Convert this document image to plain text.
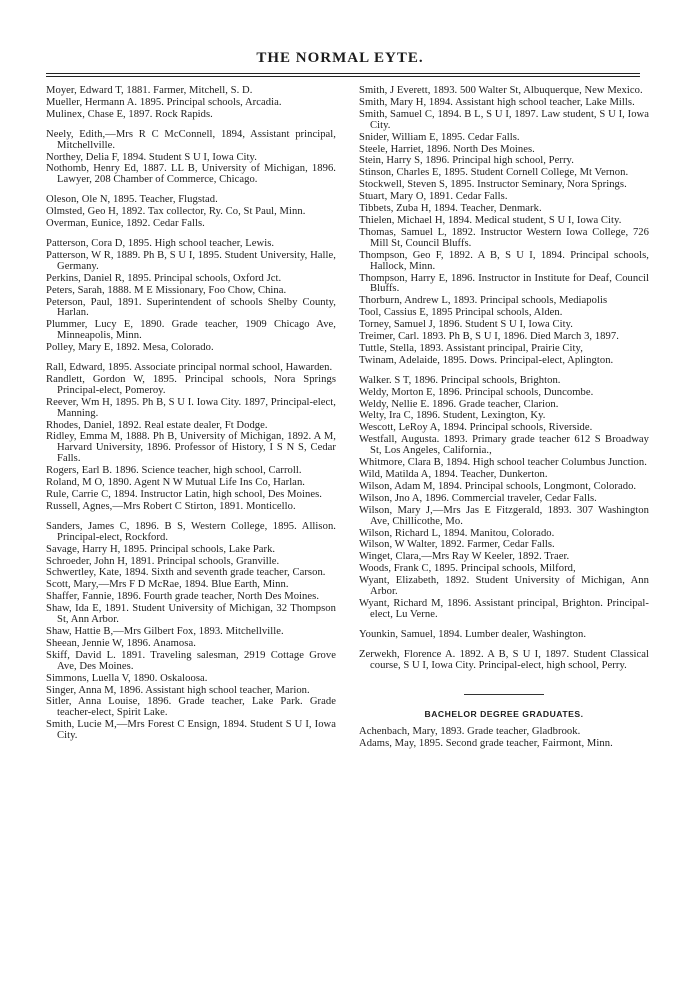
THE NORMAL EYTE.
Moyer, Edward T, 1881. Farmer, Mitchell, S. D.
Mueller, Hermann A. 1895. Principal schools, Arcadia.
Mulinex, Chase E, 1897. Rock Rapids.
Neely, Edith,—Mrs R C McConnell, 1894, Assistant principal, Mitchellville.
Northey, Delia F, 1894. Student S U I, Iowa City.
Nothomb, Henry Ed, 1887. LL B, University of Michigan, 1896. Lawyer, 208 Chamber of Commerce, Chicago.
Oleson, Ole N, 1895. Teacher, Flugstad.
Olmsted, Geo H, 1892. Tax collector, Ry. Co, St Paul, Minn.
Overman, Eunice, 1892. Cedar Falls.
Patterson, Cora D, 1895. High school teacher, Lewis.
Patterson, W R, 1889. Ph B, S U I, 1895. Student University, Halle, Germany.
Perkins, Daniel R, 1895. Principal schools, Oxford Jct.
Peters, Sarah, 1888. M E Missionary, Foo Chow, China.
Peterson, Paul, 1891. Superintendent of schools Shelby County, Harlan.
Plummer, Lucy E, 1890. Grade teacher, 1909 Chicago Ave, Minneapolis, Minn.
Polley, Mary E, 1892. Mesa, Colorado.
Rall, Edward, 1895. Associate principal normal school, Hawarden.
Randlett, Gordon W, 1895. Principal schools, Nora Springs Principal-elect, Pomeroy.
Reever, Wm H, 1895. Ph B, S U I. Iowa City. 1897, Principal-elect, Manning.
Rhodes, Daniel, 1892. Real estate dealer, Ft Dodge.
Ridley, Emma M, 1888. Ph B, University of Michigan, 1892. A M, Harvard University, 1896. Professor of History, I S N S, Cedar Falls.
Rogers, Earl B. 1896. Science teacher, high school, Carroll.
Roland, M O, 1890. Agent N W Mutual Life Ins Co, Harlan.
Rule, Carrie C, 1894. Instructor Latin, high school, Des Moines.
Russell, Agnes,—Mrs Robert C Stirton, 1891. Monticello.
Sanders, James C, 1896. B S, Western College, 1895. Allison. Principal-elect, Rockford.
Savage, Harry H, 1895. Principal schools, Lake Park.
Schroeder, John H, 1891. Principal schools, Granville.
Schwertley, Kate, 1894. Sixth and seventh grade teacher, Carson.
Scott, Mary,—Mrs F D McRae, 1894. Blue Earth, Minn.
Shaffer, Fannie, 1896. Fourth grade teacher, North Des Moines.
Shaw, Ida E, 1891. Student University of Michigan, 32 Thompson St, Ann Arbor.
Shaw, Hattie B,—Mrs Gilbert Fox, 1893. Mitchellville.
Sheean, Jennie W, 1896. Anamosa.
Skiff, David L. 1891. Traveling salesman, 2919 Cottage Grove Ave, Des Moines.
Simmons, Luella V, 1890. Oskaloosa.
Singer, Anna M, 1896. Assistant high school teacher, Marion.
Sitler, Anna Louise, 1896. Grade teacher, Lake Park. Grade teacher-elect, Spirit Lake.
Smith, Lucie M,—Mrs Forest C Ensign, 1894. Student S U I, Iowa City.
Smith, J Everett, 1893. 500 Walter St, Albuquerque, New Mexico.
Smith, Mary H, 1894. Assistant high school teacher, Lake Mills.
Smith, Samuel C, 1894. B L, S U I, 1897. Law student, S U I, Iowa City.
Snider, William E, 1895. Cedar Falls.
Steele, Harriet, 1896. North Des Moines.
Stein, Harry S, 1896. Principal high school, Perry.
Stinson, Charles E, 1895. Student Cornell College, Mt Vernon.
Stockwell, Steven S, 1895. Instructor Seminary, Nora Springs.
Stuart, Mary O, 1891. Cedar Falls.
Tibbets, Zuba H, 1894. Teacher, Denmark.
Thielen, Michael H, 1894. Medical student, S U I, Iowa City.
Thomas, Samuel L, 1892. Instructor Western Iowa College, 726 Mill St, Council Bluffs.
Thompson, Geo F, 1892. A B, S U I, 1894. Principal schools, Hallock, Minn.
Thompson, Harry E, 1896. Instructor in Institute for Deaf, Council Bluffs.
Thorburn, Andrew L, 1893. Principal schools, Mediapolis
Tool, Cassius E, 1895 Principal schools, Alden.
Torney, Samuel J, 1896. Student S U I, Iowa City.
Treimer, Carl. 1893. Ph B, S U I, 1896. Died March 3, 1897.
Tuttle, Stella, 1893. Assistant principal, Prairie City,
Twinam, Adelaide, 1895. Dows. Principal-elect, Aplington.
Walker. S T, 1896. Principal schools, Brighton.
Weldy, Morton E, 1896. Principal schools, Duncombe.
Weldy, Nellie E. 1896. Grade teacher, Clarion.
Welty, Ira C, 1896. Student, Lexington, Ky.
Wescott, LeRoy A, 1894. Principal schools, Riverside.
Westfall, Augusta. 1893. Primary grade teacher 612 S Broadway St, Los Angeles, California.,
Whitmore, Clara B, 1894. High school teacher Columbus Junction.
Wild, Matilda A, 1894. Teacher, Dunkerton.
Wilson, Adam M, 1894. Principal schools, Longmont, Colorado.
Wilson, Jno A, 1896. Commercial traveler, Cedar Falls.
Wilson, Mary J,—Mrs Jas E Fitzgerald, 1893. 307 Washington Ave, Chillicothe, Mo.
Wilson, Richard L, 1894. Manitou, Colorado.
Wilson, W Walter, 1892. Farmer, Cedar Falls.
Winget, Clara,—Mrs Ray W Keeler, 1892. Traer.
Woods, Frank C, 1895. Principal schools, Milford,
Wyant, Elizabeth, 1892. Student University of Michigan, Ann Arbor.
Wyant, Richard M, 1896. Assistant principal, Brighton. Principal-elect, Lu Verne.
Younkin, Samuel, 1894. Lumber dealer, Washington.
Zerwekh, Florence A. 1892. A B, S U I, 1897. Student Classical course, S U I, Iowa City. Principal-elect, high school, Perry.
BACHELOR DEGREE GRADUATES.
Achenbach, Mary, 1893. Grade teacher, Gladbrook.
Adams, May, 1895. Second grade teacher, Fairmont, Minn.
